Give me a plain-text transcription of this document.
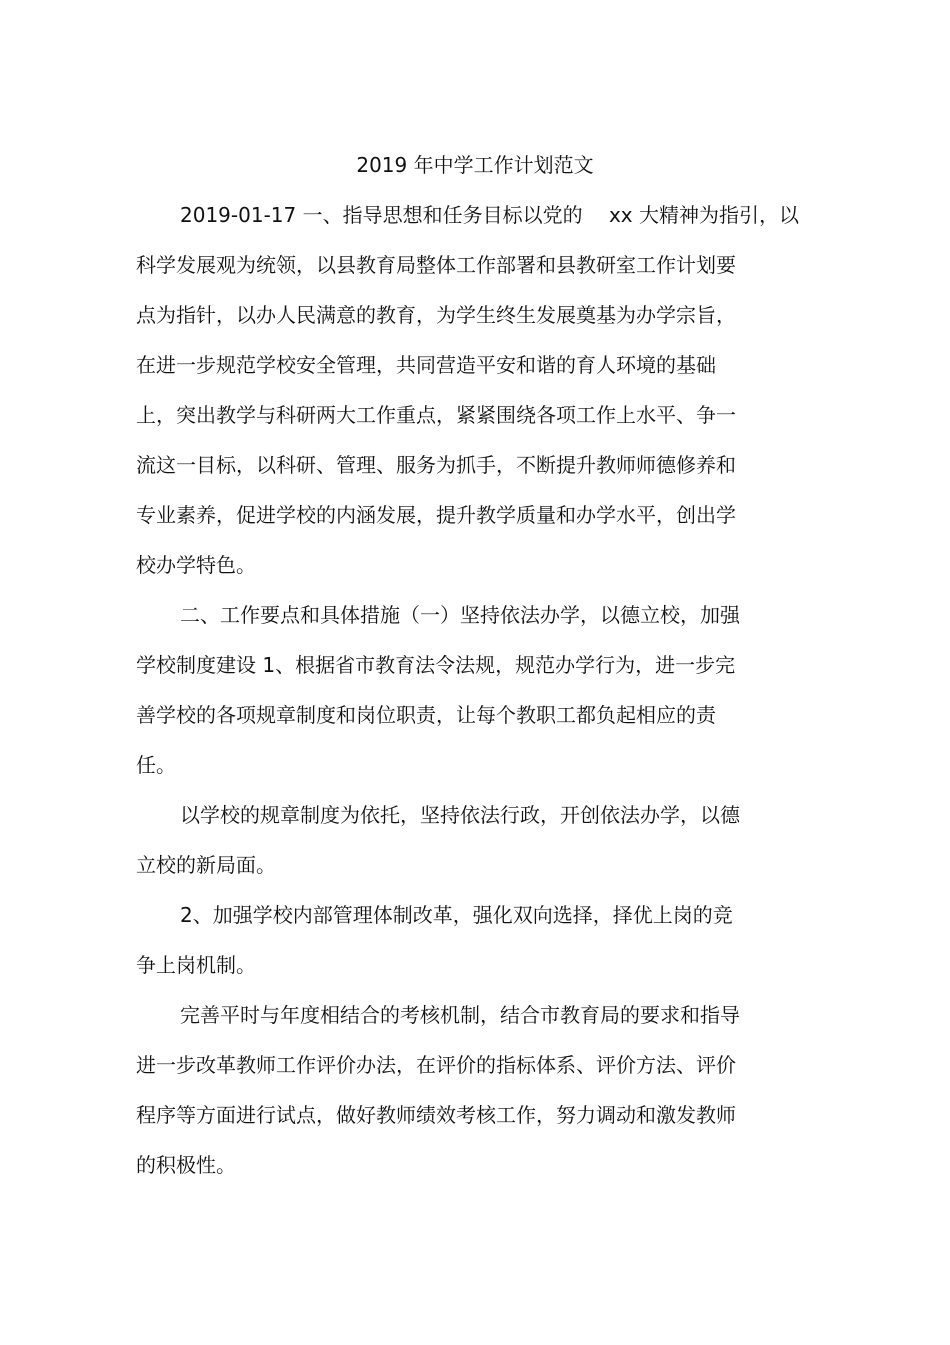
2019 年中学工作计划范文
2019-01-17 一、指导思想和任务目标以党的　 xx 大精神为指引，以
科学发展观为统领，以县教育局整体工作部署和县教研室工作计划要
点为指针，以办人民满意的教育，为学生终生发展奠基为办学宗旨，
在进一步规范学校安全管理，共同营造平安和谐的育人环境的基础
上，突出教学与科研两大工作重点，紧紧围绕各项工作上水平、争一
流这一目标，以科研、管理、服务为抓手，不断提升教师师德修养和
专业素养，促进学校的内涵发展，提升教学质量和办学水平，创出学
校办学特色。
二、工作要点和具体措施（一）坚持依法办学，以德立校，加强
学校制度建设 1、根据省市教育法令法规，规范办学行为，进一步完
善学校的各项规章制度和岗位职责，让每个教职工都负起相应的责
任。
以学校的规章制度为依托，坚持依法行政，开创依法办学，以德
立校的新局面。
2、加强学校内部管理体制改革，强化双向选择，择优上岗的竞
争上岗机制。
完善平时与年度相结合的考核机制，结合市教育局的要求和指导
进一步改革教师工作评价办法，在评价的指标体系、评价方法、评价
程序等方面进行试点，做好教师绩效考核工作，努力调动和激发教师
的积极性。
